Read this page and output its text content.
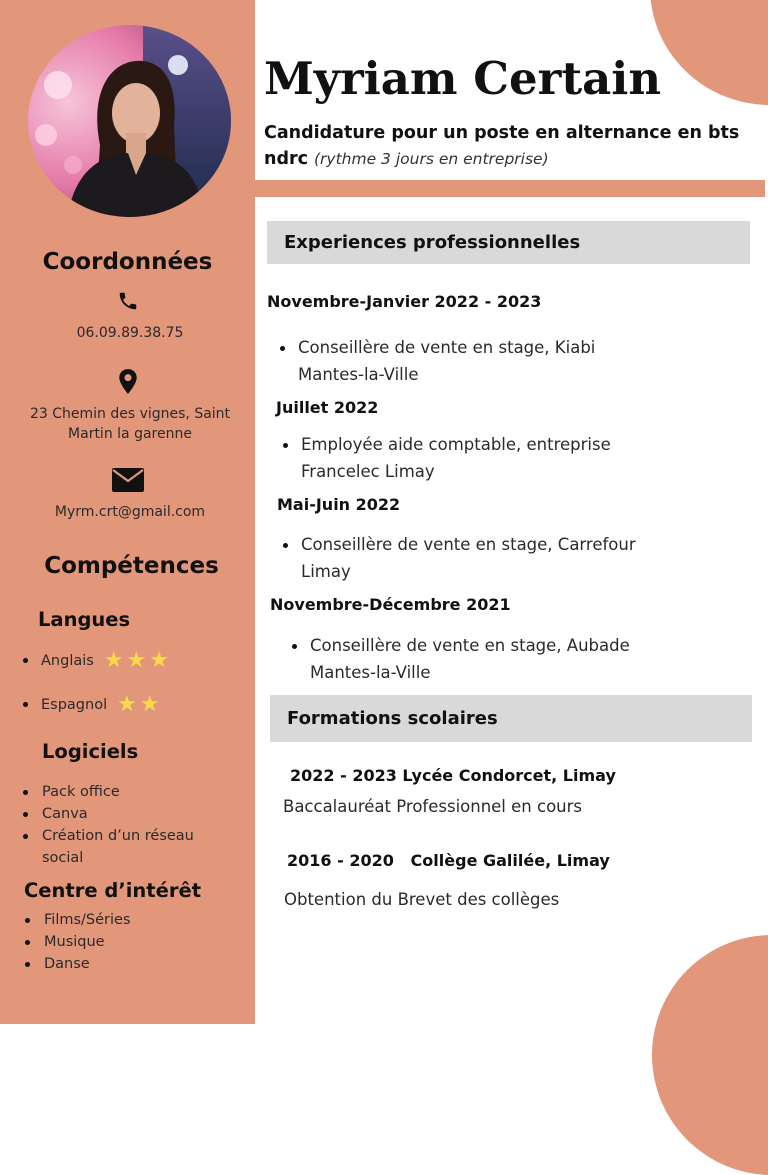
Myriam Certain
Candidature pour un poste en alternance en bts ndrc (rythme 3 jours en entreprise)
Coordonnées
06.09.89.38.75
23 Chemin des vignes, Saint Martin la garenne
Myrm.crt@gmail.com
Compétences
Langues
Anglais ★★★
Espagnol ★★
Logiciels
Pack office
Canva
Création d’un réseau social
Centre d’intérêt
Films/Séries
Musique
Danse
Experiences professionnelles
Novembre-Janvier 2022 - 2023
Conseillère de vente en stage, Kiabi Mantes-la-Ville
Juillet 2022
Employée aide comptable, entreprise Francelec Limay
Mai-Juin 2022
Conseillère de vente en stage, Carrefour Limay
Novembre-Décembre 2021
Conseillère de vente en stage, Aubade Mantes-la-Ville
Formations scolaires
2022 - 2023 Lycée Condorcet, Limay
Baccalauréat Professionnel en cours
2016 - 2020   Collège Galilée, Limay
Obtention du Brevet des collèges
